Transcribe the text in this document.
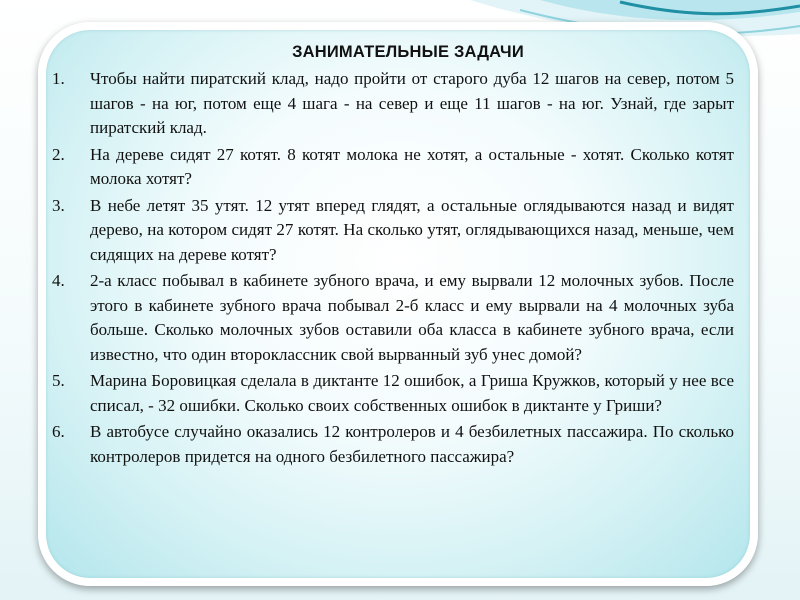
ЗАНИМАТЕЛЬНЫЕ ЗАДАЧИ
1.	Чтобы найти пиратский клад, надо пройти от старого дуба 12 шагов на север, потом 5 шагов - на юг, потом еще 4 шага - на север и еще 11 шагов - на юг. Узнай, где зарыт пиратский клад.
2.	На дереве сидят 27 котят. 8 котят молока не хотят, а остальные - хотят. Сколько котят молока хотят?
3.	В небе летят 35 утят. 12 утят вперед глядят, а остальные оглядываются назад и видят дерево, на котором сидят 27 котят. На сколько утят, оглядывающихся назад, меньше, чем сидящих на дереве котят?
4.	2-а класс побывал в кабинете зубного врача, и ему вырвали 12 молочных зубов. После этого в кабинете зубного врача побывал 2-б класс и ему вырвали на 4 молочных зуба больше. Сколько молочных зубов оставили оба класса в кабинете зубного врача, если известно, что один второклассник свой вырванный зуб унес домой?
5.	Марина Боровицкая сделала в диктанте 12 ошибок, а Гриша Кружков, который у нее все списал, - 32 ошибки. Сколько своих собственных ошибок в диктанте у Гриши?
6.	В автобусе случайно оказались 12 контролеров и 4 безбилетных пассажира. По сколько контролеров придется на одного безбилетного пассажира?
